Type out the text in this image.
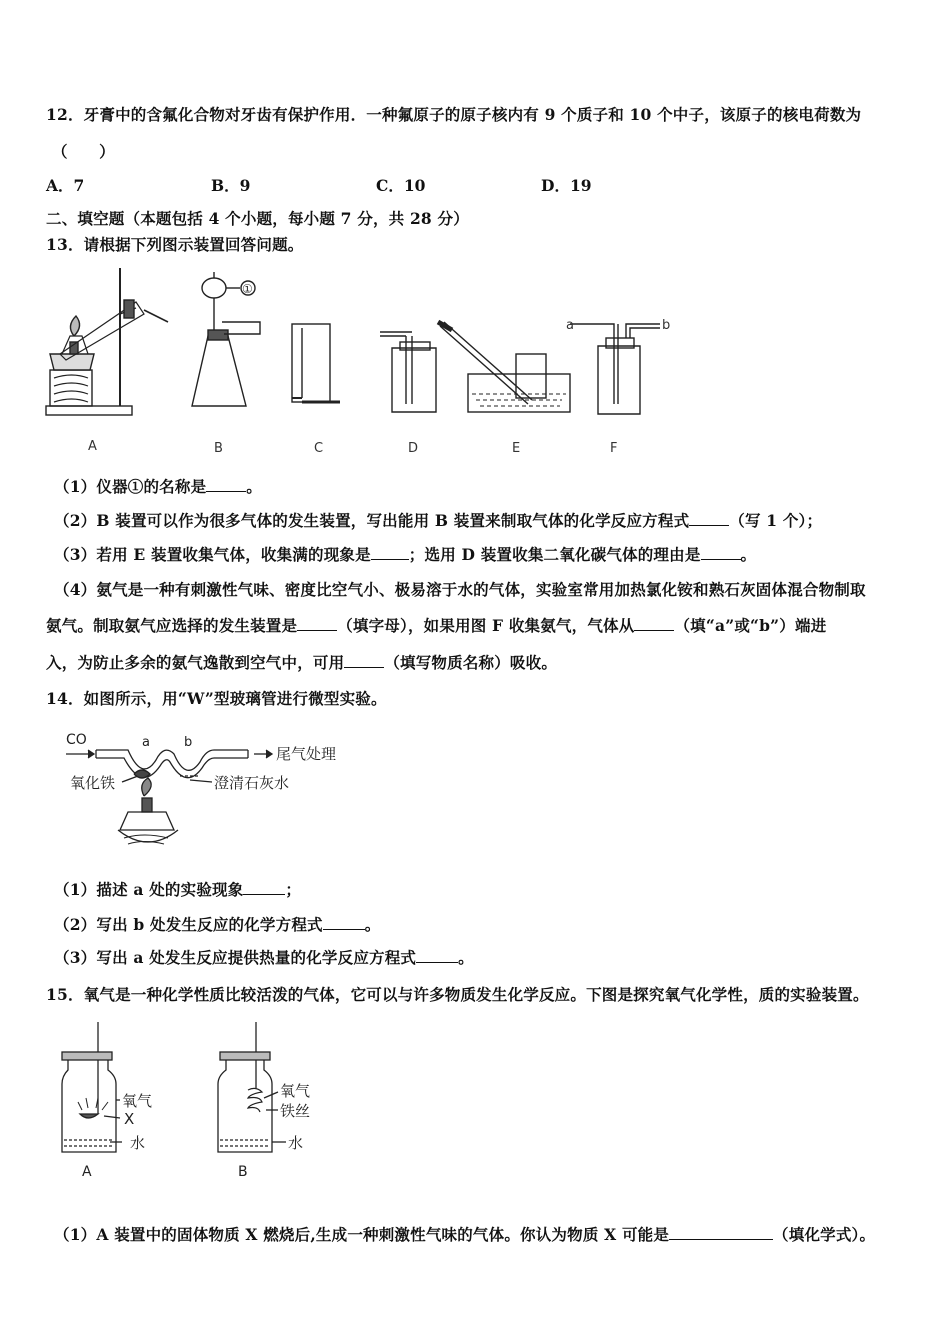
12．牙膏中的含氟化合物对牙齿有保护作用．一种氟原子的原子核内有 9 个质子和 10 个中子，该原子的核电荷数为
（　　）
A．7	B．9	C．10	D．19
二、填空题（本题包括 4 个小题，每小题 7 分，共 28 分）
13．请根据下列图示装置回答问题。
A	B	C	D	E	F
①
a	b
（1）仪器①的名称是	。
（2）B 装置可以作为很多气体的发生装置，写出能用 B 装置来制取气体的化学反应方程式	（写 1 个）；
（3）若用 E 装置收集气体，收集满的现象是 ；选用 D 装置收集二氧化碳气体的理由是	。
（4）氨气是一种有刺激性气味、密度比空气小、极易溶于水的气体，实验室常用加热氯化铵和熟石灰固体混合物制取
氨气。制取氨气应选择的发生装置是	（填字母），如果用图 F 收集氨气，气体从	（填“a”或“b”）端进
入，为防止多余的氨气逸散到空气中，可用	（填写物质名称）吸收。
14．如图所示，用“W”型玻璃管进行微型实验。
CO	a	b
尾气处理
氧化铁	澄清石灰水
（1）描述 a 处的实验现象	；
（2）写出 b 处发生反应的化学方程式	。
（3）写出 a 处发生反应提供热量的化学反应方程式	。
15．氧气是一种化学性质比较活泼的气体，它可以与许多物质发生化学反应。下图是探究氧气化学性，质的实验装置。
氧气
X
水
A
氧气
铁丝
水
B
（1）A 装置中的固体物质 X 燃烧后,生成一种刺激性气味的气体。你认为物质 X 可能是	（填化学式）。
